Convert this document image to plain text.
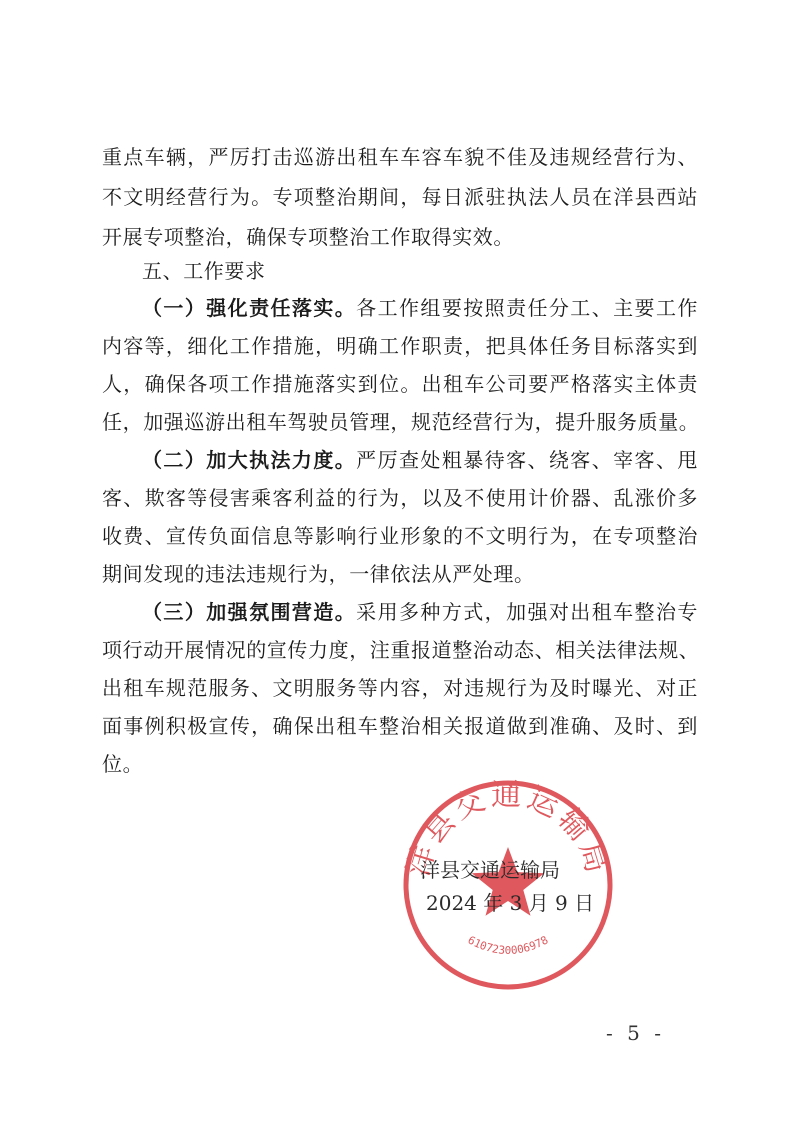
重点车辆，严厉打击巡游出租车车容车貌不佳及违规经营行为、
不文明经营行为。专项整治期间，每日派驻执法人员在洋县西站
开展专项整治，确保专项整治工作取得实效。
五、工作要求
（一）强化责任落实。各工作组要按照责任分工、主要工作
内容等，细化工作措施，明确工作职责，把具体任务目标落实到
人，确保各项工作措施落实到位。出租车公司要严格落实主体责
任，加强巡游出租车驾驶员管理，规范经营行为，提升服务质量。
（二）加大执法力度。严厉查处粗暴待客、绕客、宰客、甩
客、欺客等侵害乘客利益的行为，以及不使用计价器、乱涨价多
收费、宣传负面信息等影响行业形象的不文明行为，在专项整治
期间发现的违法违规行为，一律依法从严处理。
（三）加强氛围营造。采用多种方式，加强对出租车整治专
项行动开展情况的宣传力度，注重报道整治动态、相关法律法规、
出租车规范服务、文明服务等内容，对违规行为及时曝光、对正
面事例积极宣传，确保出租车整治相关报道做到准确、及时、到
位。
洋县交通运输局
6107230006978
洋县交通运输局
2024 年 3 月 9 日
- 5 -
